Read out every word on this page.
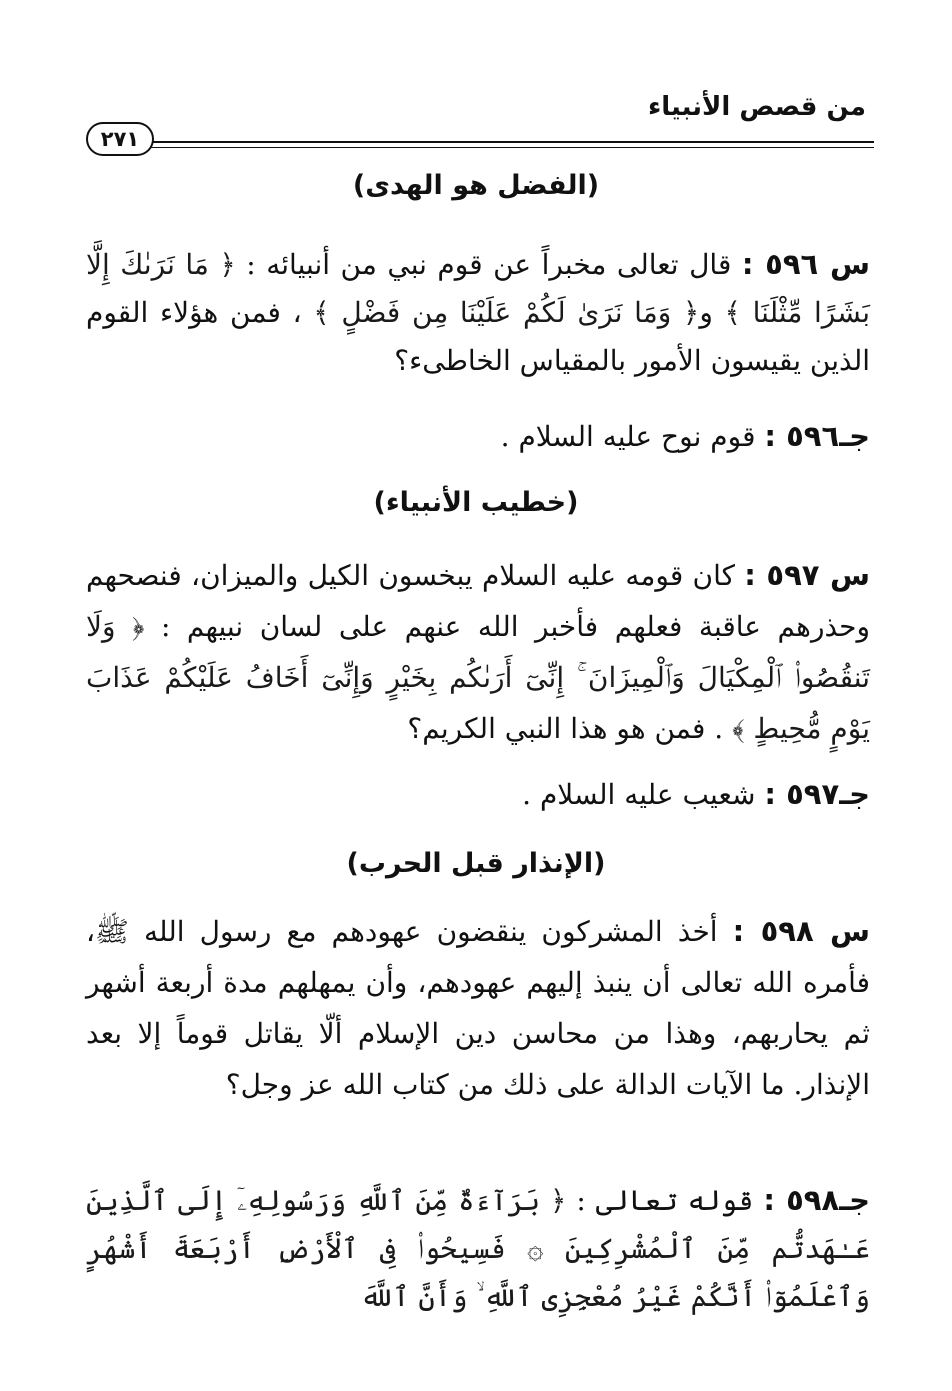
من قصص الأنبياء
٢٧١
(الفضل هو الهدى)
س ٥٩٦ : قال تعالى مخبراً عن قوم نبي من أنبيائه : ﴿ مَا نَرَىٰكَ إِلَّا بَشَرًا مِّثْلَنَا ﴾ و﴿ وَمَا نَرَىٰ لَكُمْ عَلَيْنَا مِن فَضْلٍ ﴾ ، فمن هؤلاء القوم الذين يقيسون الأمور بالمقياس الخاطىء؟
جـ٥٩٦ : قوم نوح عليه السلام .
(خطيب الأنبياء)
س ٥٩٧ : كان قومه عليه السلام يبخسون الكيل والميزان، فنصحهم وحذرهم عاقبة فعلهم فأخبر الله عنهم على لسان نبيهم : ﴿ وَلَا تَنقُصُوا۟ ٱلْمِكْيَالَ وَٱلْمِيزَانَ ۚ إِنِّىٓ أَرَىٰكُم بِخَيْرٍ وَإِنِّىٓ أَخَافُ عَلَيْكُمْ عَذَابَ يَوْمٍ مُّحِيطٍ ﴾ . فمن هو هذا النبي الكريم؟
جـ٥٩٧ : شعيب عليه السلام .
(الإنذار قبل الحرب)
س ٥٩٨ : أخذ المشركون ينقضون عهودهم مع رسول الله ﷺ، فأمره الله تعالى أن ينبذ إليهم عهودهم، وأن يمهلهم مدة أربعة أشهر ثم يحاربهم، وهذا من محاسن دين الإسلام ألّا يقاتل قوماً إلا بعد الإنذار. ما الآيات الدالة على ذلك من كتاب الله عز وجل؟
جـ٥٩٨ : قوله تعالى : ﴿ بَرَآءَةٌ مِّنَ ٱللَّهِ وَرَسُولِهِۦٓ إِلَى ٱلَّذِينَ عَـٰهَدتُّم مِّنَ ٱلْمُشْرِكِينَ ۞ فَسِيحُوا۟ فِى ٱلْأَرْضِ أَرْبَعَةَ أَشْهُرٍ وَٱعْلَمُوٓا۟ أَنَّكُمْ غَيْرُ مُعْجِزِى ٱللَّهِ ۙ وَأَنَّ ٱللَّهَ
